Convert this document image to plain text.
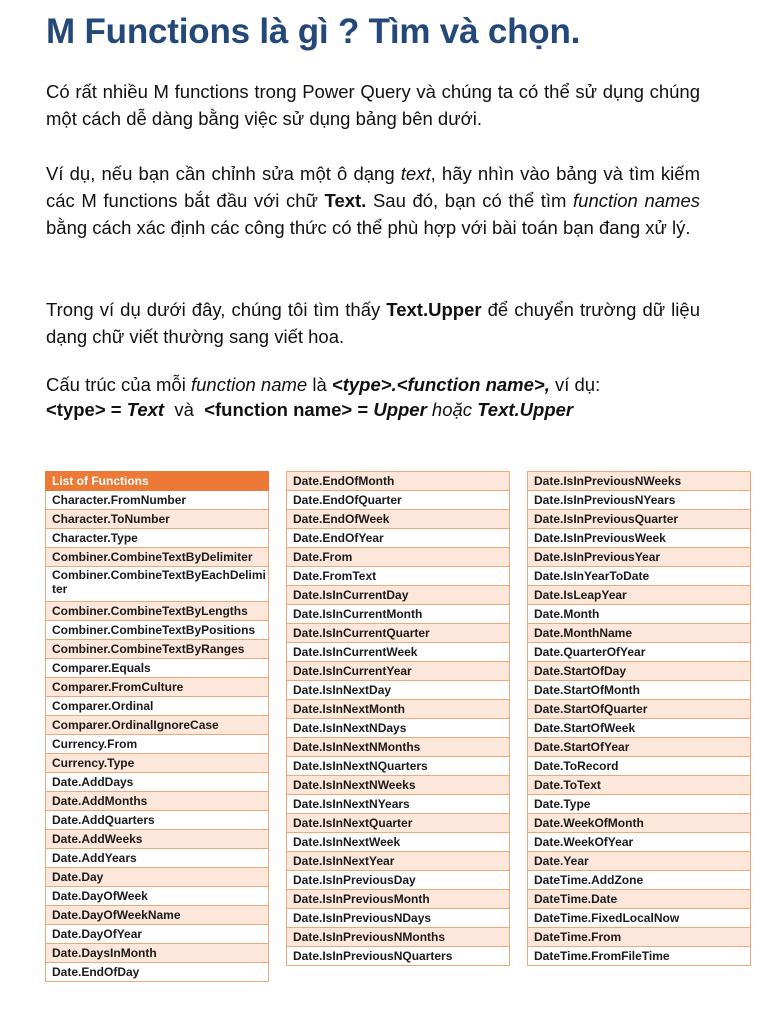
M Functions là gì ? Tìm và chọn.

Có rất nhiều M functions trong Power Query và chúng ta có thể sử dụng chúng một cách dễ dàng bằng việc sử dụng bảng bên dưới.

Ví dụ, nếu bạn cần chỉnh sửa một ô dạng text, hãy nhìn vào bảng và tìm kiếm các M functions bắt đầu với chữ Text. Sau đó, bạn có thể tìm function names bằng cách xác định các công thức có thể phù hợp với bài toán bạn đang xử lý.

Trong ví dụ dưới đây, chúng tôi tìm thấy Text.Upper để chuyển trường dữ liệu dạng chữ viết thường sang viết hoa.

Cấu trúc của mỗi function name là <type>.<function name>, ví dụ:
<type> = Text  và  <function name> = Upper hoặc Text.Upper

List of Functions
Character.FromNumber
Character.ToNumber
Character.Type
Combiner.CombineTextByDelimiter
Combiner.CombineTextByEachDelimiter
Combiner.CombineTextByLengths
Combiner.CombineTextByPositions
Combiner.CombineTextByRanges
Comparer.Equals
Comparer.FromCulture
Comparer.Ordinal
Comparer.OrdinalIgnoreCase
Currency.From
Currency.Type
Date.AddDays
Date.AddMonths
Date.AddQuarters
Date.AddWeeks
Date.AddYears
Date.Day
Date.DayOfWeek
Date.DayOfWeekName
Date.DayOfYear
Date.DaysInMonth
Date.EndOfDay
Date.EndOfMonth
Date.EndOfQuarter
Date.EndOfWeek
Date.EndOfYear
Date.From
Date.FromText
Date.IsInCurrentDay
Date.IsInCurrentMonth
Date.IsInCurrentQuarter
Date.IsInCurrentWeek
Date.IsInCurrentYear
Date.IsInNextDay
Date.IsInNextMonth
Date.IsInNextNDays
Date.IsInNextNMonths
Date.IsInNextNQuarters
Date.IsInNextNWeeks
Date.IsInNextNYears
Date.IsInNextQuarter
Date.IsInNextWeek
Date.IsInNextYear
Date.IsInPreviousDay
Date.IsInPreviousMonth
Date.IsInPreviousNDays
Date.IsInPreviousNMonths
Date.IsInPreviousNQuarters
Date.IsInPreviousNWeeks
Date.IsInPreviousNYears
Date.IsInPreviousQuarter
Date.IsInPreviousWeek
Date.IsInPreviousYear
Date.IsInYearToDate
Date.IsLeapYear
Date.Month
Date.MonthName
Date.QuarterOfYear
Date.StartOfDay
Date.StartOfMonth
Date.StartOfQuarter
Date.StartOfWeek
Date.StartOfYear
Date.ToRecord
Date.ToText
Date.Type
Date.WeekOfMonth
Date.WeekOfYear
Date.Year
DateTime.AddZone
DateTime.Date
DateTime.FixedLocalNow
DateTime.From
DateTime.FromFileTime
